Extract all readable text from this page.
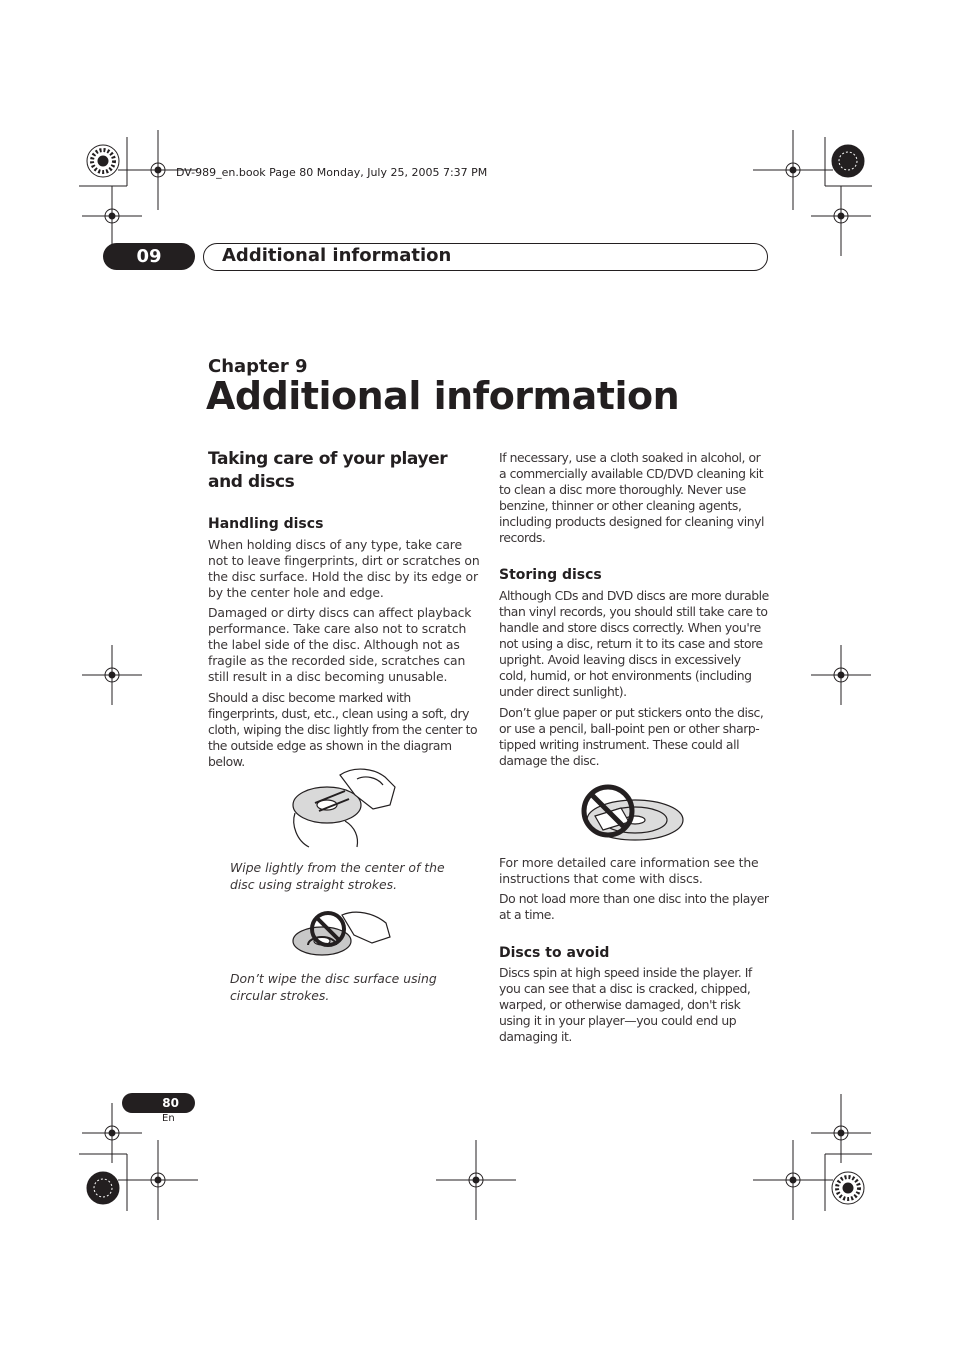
DV-989_en.book Page 80 Monday, July 25, 2005 7:37 PM
09	Additional information
Chapter 9
Additional information
Taking care of your player and discs
Handling discs
When holding discs of any type, take care not to leave fingerprints, dirt or scratches on the disc surface. Hold the disc by its edge or by the center hole and edge.
Damaged or dirty discs can affect playback performance. Take care also not to scratch the label side of the disc. Although not as fragile as the recorded side, scratches can still result in a disc becoming unusable.
Should a disc become marked with fingerprints, dust, etc., clean using a soft, dry cloth, wiping the disc lightly from the center to the outside edge as shown in the diagram below.
Wipe lightly from the center of the disc using straight strokes.
Don’t wipe the disc surface using circular strokes.
If necessary, use a cloth soaked in alcohol, or a commercially available CD/DVD cleaning kit to clean a disc more thoroughly. Never use benzine, thinner or other cleaning agents, including products designed for cleaning vinyl records.
Storing discs
Although CDs and DVD discs are more durable than vinyl records, you should still take care to handle and store discs correctly. When you're not using a disc, return it to its case and store upright. Avoid leaving discs in excessively cold, humid, or hot environments (including under direct sunlight).
Don’t glue paper or put stickers onto the disc, or use a pencil, ball-point pen or other sharp-tipped writing instrument. These could all damage the disc.
For more detailed care information see the instructions that come with discs.
Do not load more than one disc into the player at a time.
Discs to avoid
Discs spin at high speed inside the player. If you can see that a disc is cracked, chipped, warped, or otherwise damaged, don't risk using it in your player—you could end up damaging it.
80
En
